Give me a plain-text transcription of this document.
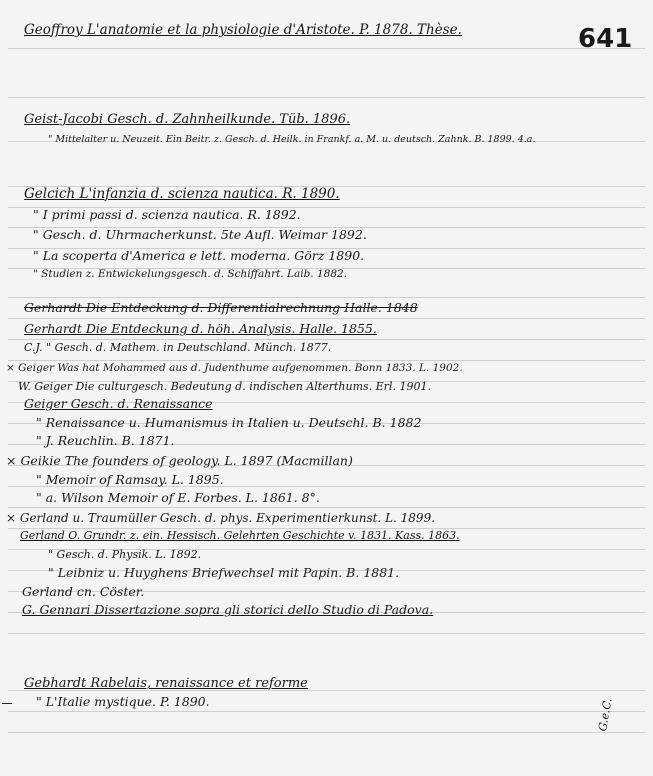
641
Geoffroy L'anatomie et la physiologie d'Aristote. P. 1878. Thèse.
Geist-Jacobi Gesch. d. Zahnheilkunde. Tüb. 1896.
" Mittelalter u. Neuzeit. Ein Beitr. z. Gesch. d. Heilk. in Frankf. a. M. u. deutsch. Zahnk. B. 1899. 4.a.
Gelcich L'infanzia d. scienza nautica. R. 1890.
" I primi passi d. scienza nautica. R. 1892.
" Gesch. d. Uhrmacherkunst. 5te Aufl. Weimar 1892.
" La scoperta d'America e lett. moderna. Görz 1890.
" Studien z. Entwickelungsgesch. d. Schiffahrt. Laib. 1882.
Gerhardt Die Entdeckung d. Differentialrechnung Halle. 1848
Gerhardt Die Entdeckung d. höh. Analysis. Halle. 1855.
C.J. " Gesch. d. Mathem. in Deutschland. Münch. 1877.
× Geiger Was hat Mohammed aus d. Judenthume aufgenommen. Bonn 1833. L. 1902.
W. Geiger Die culturgesch. Bedeutung d. indischen Alterthums. Erl. 1901.
Geiger Gesch. d. Renaissance
" Renaissance u. Humanismus in Italien u. Deutschl. B. 1882
" J. Reuchlin. B. 1871.
× Geikie The founders of geology. L. 1897 (Macmillan)
" Memoir of Ramsay. L. 1895.
" a. Wilson Memoir of E. Forbes. L. 1861. 8°.
× Gerland u. Traumüller Gesch. d. phys. Experimentierkunst. L. 1899.
Gerland O. Grundr. z. ein. Hessisch. Gelehrten Geschichte v. 1831. Kass. 1863.
" Gesch. d. Physik. L. 1892.
" Leibniz u. Huyghens Briefwechsel mit Papin. B. 1881.
Gerland cn. Cöster.
G. Gennari Dissertazione sopra gli storici dello Studio di Padova.
Gebhardt Rabelais, renaissance et reforme
" L'Italie mystique. P. 1890.	G.e.C.
